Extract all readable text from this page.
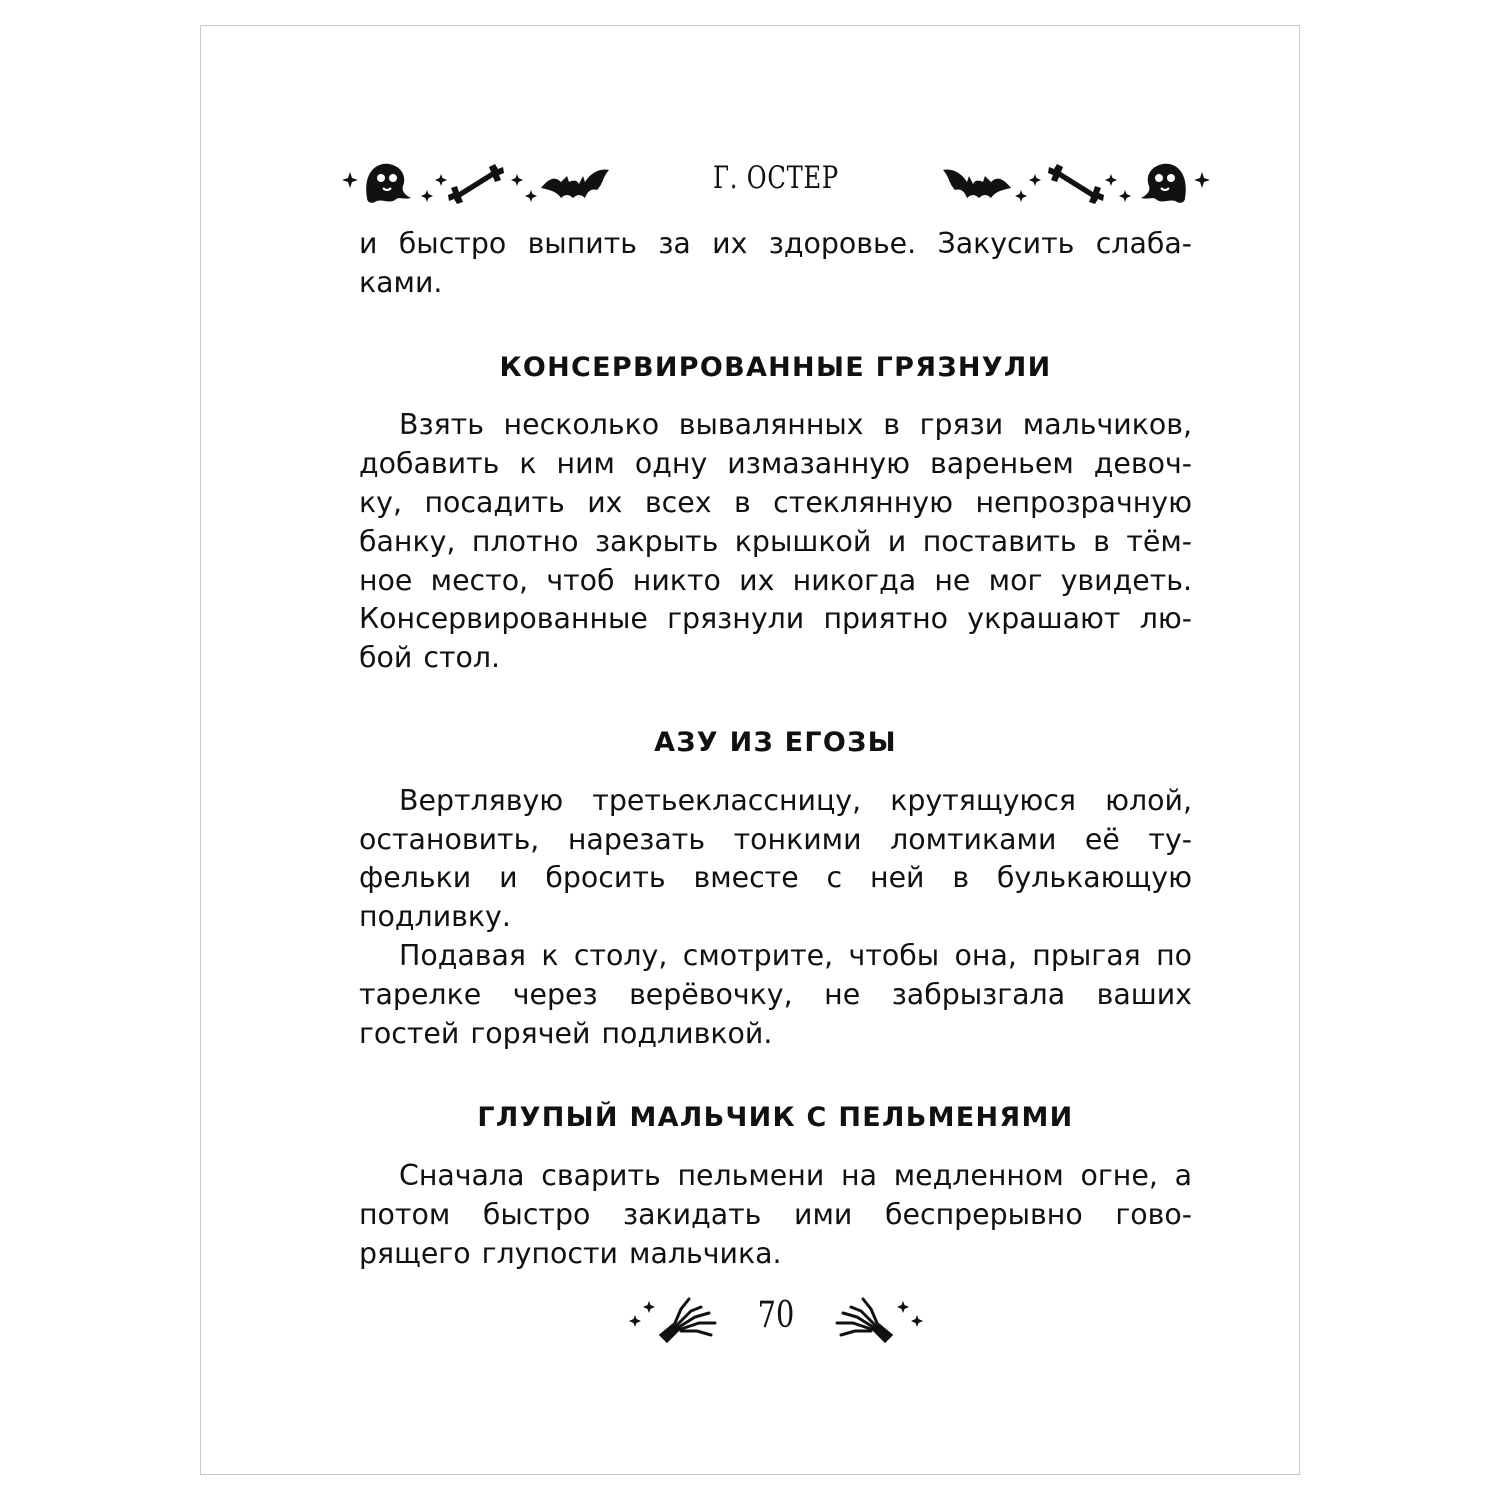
Г. ОСТЕР
и быстро выпить за их здоровье. Закусить слаба- ками.
КОНСЕРВИРОВАННЫЕ ГРЯЗНУЛИ
Взять несколько вывалянных в грязи мальчиков, добавить к ним одну измазанную вареньем девоч- ку, посадить их всех в стеклянную непрозрачную банку, плотно закрыть крышкой и поставить в тём- ное место, чтоб никто их никогда не мог увидеть. Консервированные грязнули приятно украшают лю- бой стол.
АЗУ ИЗ ЕГОЗЫ
Вертлявую третьеклассницу, крутящуюся юлой, остановить, нарезать тонкими ломтиками её ту- фельки и бросить вместе с ней в булькающую подливку.
Подавая к столу, смотрите, чтобы она, прыгая по тарелке через верёвочку, не забрызгала ваших гостей горячей подливкой.
ГЛУПЫЙ МАЛЬЧИК С ПЕЛЬМЕНЯМИ
Сначала сварить пельмени на медленном огне, а потом быстро закидать ими беспрерывно гово- рящего глупости мальчика.
70
